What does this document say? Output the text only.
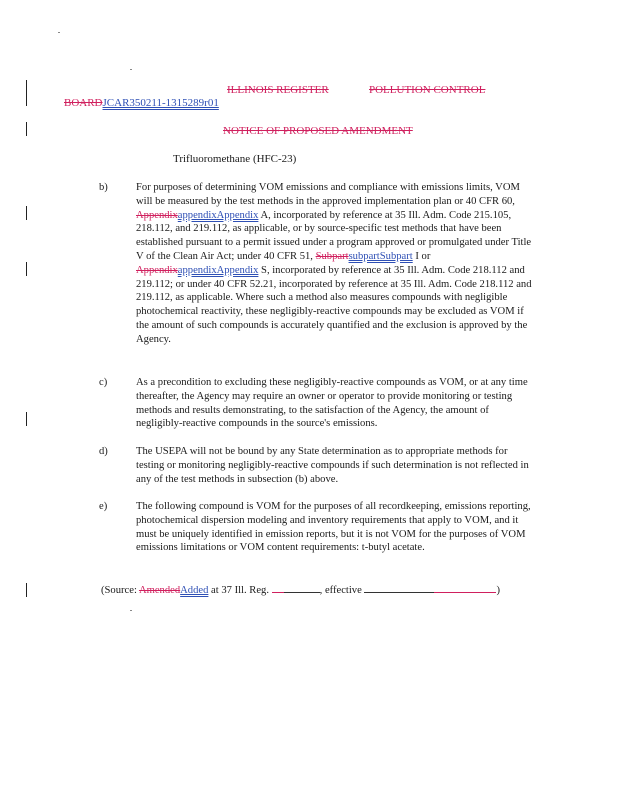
ILLINOIS REGISTER	POLLUTION CONTROL
BOARDJCAR350211-1315289r01
NOTICE OF PROPOSED AMENDMENT
Trifluoromethane (HFC-23)
b)	For purposes of determining VOM emissions and compliance with emissions limits, VOM will be measured by the test methods in the approved implementation plan or 40 CFR 60, AppendixappendixAppendix A, incorporated by reference at 35 Ill. Adm. Code 215.105, 218.112, and 219.112, as applicable, or by source-specific test methods that have been established pursuant to a permit issued under a program approved or promulgated under Title V of the Clean Air Act; under 40 CFR 51, SubpartsubpartSubpart I or AppendixappendixAppendix S, incorporated by reference at 35 Ill. Adm. Code 218.112 and 219.112; or under 40 CFR 52.21, incorporated by reference at 35 Ill. Adm. Code 218.112 and 219.112, as applicable. Where such a method also measures compounds with negligible photochemical reactivity, these negligibly-reactive compounds may be excluded as VOM if the amount of such compounds is accurately quantified and the exclusion is approved by the Agency.
c)	As a precondition to excluding these negligibly-reactive compounds as VOM, or at any time thereafter, the Agency may require an owner or operator to provide monitoring or testing methods and results demonstrating, to the satisfaction of the Agency, the amount of negligibly-reactive compounds in the source's emissions.
d)	The USEPA will not be bound by any State determination as to appropriate methods for testing or monitoring negligibly-reactive compounds if such determination is not reflected in any of the test methods in subsection (b) above.
e)	The following compound is VOM for the purposes of all recordkeeping, emissions reporting, photochemical dispersion modeling and inventory requirements that apply to VOM, and it must be uniquely identified in emission reports, but it is not VOM for the purposes of VOM emissions limitations or VOM content requirements: t-butyl acetate.
(Source: AmendedAdded at 37 Ill. Reg.	, effective	)
